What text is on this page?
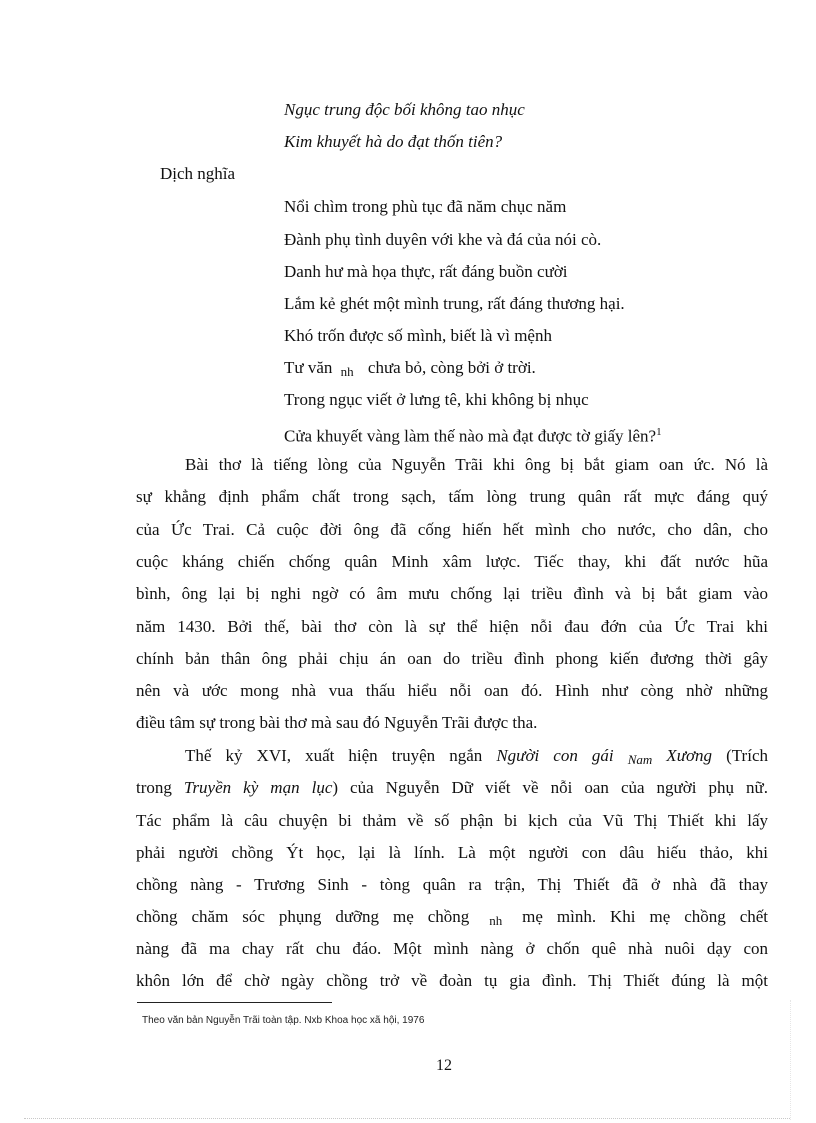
Ngục trung độc bối không tao nhục
Kim khuyết hà do đạt thốn tiên?
Dịch nghĩa
Nổi chìm trong phù tục đã năm chục năm
Đành phụ tình duyên với khe và đá của nói cò.
Danh hư mà họa thực, rất đáng buồn cười
Lắm kẻ ghét một mình trung, rất đáng thương hại.
Khó trốn được số mình, biết là vì mệnh
Tư văn nh chưa bỏ, còng bởi ở trời.
Trong ngục viết ở lưng tê, khi không bị nhục
Cửa khuyết vàng làm thế nào mà đạt được tờ giấy lên?$^1$
Bài thơ là tiếng lòng của Nguyễn Trãi khi ông bị bắt giam oan ức. Nó là
sự khẳng định phẩm chất trong sạch, tấm lòng trung quân rất mực đáng quý
của Ức Trai. Cả cuộc đời ông đã cống hiến hết mình cho nước, cho dân, cho
cuộc kháng chiến chống quân Minh xâm lược. Tiếc thay, khi đất nước hũa
bình, ông lại bị nghi ngờ có âm mưu chống lại triều đình và bị bắt giam vào
năm 1430. Bởi thế, bài thơ còn là sự thể hiện nỗi đau đớn của Ức Trai khi
chính bản thân ông phải chịu án oan do triều đình phong kiến đương thời gây
nên và ước mong nhà vua thấu hiểu nỗi oan đó. Hình như còng nhờ những
điều tâm sự trong bài thơ mà sau đó Nguyễn Trãi được tha.
Thế kỷ XVI, xuất hiện truyện ngắn Người con gái Nam Xương (Trích
trong Truyền kỳ mạn lục) của Nguyễn Dữ viết về nỗi oan của người phụ nữ.
Tác phẩm là câu chuyện bi thảm về số phận bi kịch của Vũ Thị Thiết khi lấy
phải người chồng Ýt học, lại là lính. Là một người con dâu hiếu thảo, khi
chồng nàng - Trương Sinh - tòng quân ra trận, Thị Thiết đã ở nhà đã thay
chồng chăm sóc phụng dưỡng mẹ chồng nh mẹ mình. Khi mẹ chồng chết
nàng đã ma chay rất chu đáo. Một mình nàng ở chốn quê nhà nuôi dạy con
khôn lớn để chờ ngày chồng trở về đoàn tụ gia đình. Thị Thiết đúng là một
Theo văn bản Nguyễn Trãi toàn tập. Nxb Khoa học xã hội, 1976
12
